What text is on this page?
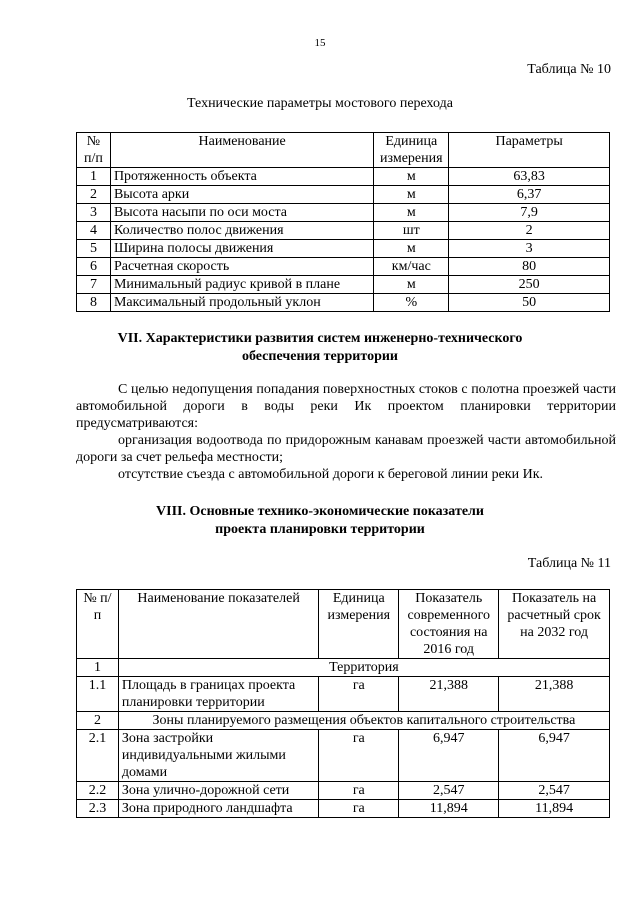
15
Таблица № 10
Технические параметры мостового перехода
№ п/п	Наименование	Единица измерения	Параметры
1	Протяженность объекта	м	63,83
2	Высота арки	м	6,37
3	Высота насыпи по оси моста	м	7,9
4	Количество полос движения	шт	2
5	Ширина полосы движения	м	3
6	Расчетная скорость	км/час	80
7	Минимальный радиус кривой в плане	м	250
8	Максимальный продольный уклон	%	50
VII. Характеристики развития систем инженерно-технического
обеспечения территории
С целью недопущения попадания поверхностных стоков с полотна проезжей части автомобильной дороги в воды реки Ик проектом планировки территории предусматриваются:
организация водоотвода по придорожным канавам проезжей части автомобильной дороги за счет рельефа местности;
отсутствие съезда с автомобильной дороги к береговой линии реки Ик.
VIII. Основные технико-экономические показатели
проекта планировки территории
Таблица № 11
№ п/п	Наименование показателей	Единица измерения	Показатель современного состояния на 2016 год	Показатель на расчетный срок на 2032 год
1	Территория			
1.1	Площадь в границах проекта планировки территории	га	21,388	21,388
2	Зоны планируемого размещения объектов капитального строительства			
2.1	Зона застройки индивидуальными жилыми домами	га	6,947	6,947
2.2	Зона улично-дорожной сети	га	2,547	2,547
2.3	Зона природного ландшафта	га	11,894	11,894
